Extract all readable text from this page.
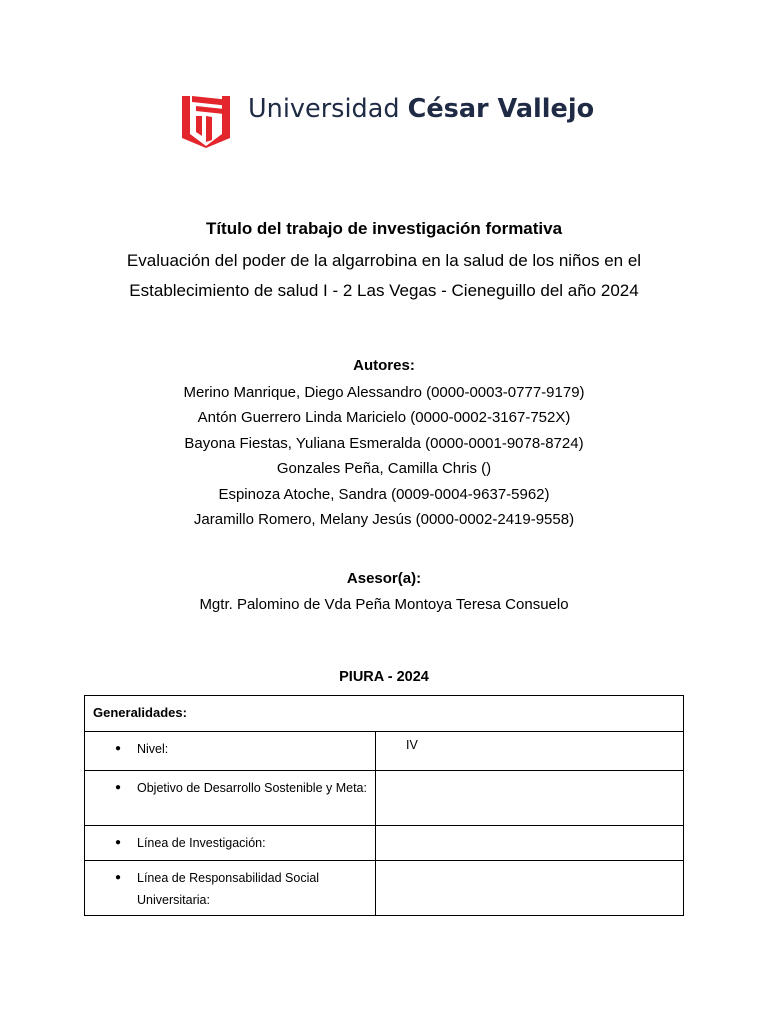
Universidad César Vallejo
Título del trabajo de investigación formativa
Evaluación del poder de la algarrobina en la salud de los niños en el
Establecimiento de salud I - 2 Las Vegas - Cieneguillo del año 2024
Autores:
Merino Manrique, Diego Alessandro (0000-0003-0777-9179)
Antón Guerrero Linda Maricielo (0000-0002-3167-752X)
Bayona Fiestas, Yuliana Esmeralda (0000-0001-9078-8724)
Gonzales Peña, Camilla Chris ()
Espinoza Atoche, Sandra (0009-0004-9637-5962)
Jaramillo Romero, Melany Jesús (0000-0002-2419-9558)
Asesor(a):
Mgtr. Palomino de Vda Peña Montoya Teresa Consuelo
PIURA - 2024
Generalidades:	

● Nivel:	IV

● Objetivo de Desarrollo Sostenible y Meta:	

● Línea de Investigación:	

● Línea de Responsabilidad Social Universitaria:	
